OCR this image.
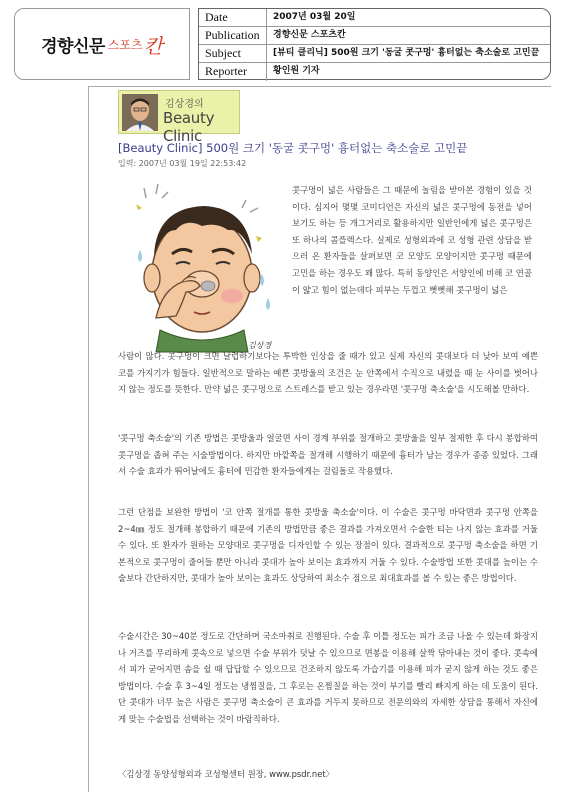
경향신문 스포츠 칸
Date	2007년 03월 20일
Publication	경향신문 스포츠칸
Subject	[뷰티 클리닉] 500원 크기 '동굴 콧구멍' 흉터없는 축소술로 고민끝
Reporter	황인원 기자
김상경의
Beauty Clinic
[Beauty Clinic] 500원 크기 '동굴 콧구멍' 흉터없는 축소술로 고민끝
입력: 2007년 03월 19일 22:53:42
김상경
콧구멍이 넓은 사람들은 그 때문에 놀림을 받아본 경험이 있을 것이다. 심지어 몇몇 코미디언은 자신의 넓은 콧구멍에 동전을 넣어보기도 하는 등 개그거리로 활용하지만 일반인에게 넓은 콧구멍은 또 하나의 콤플렉스다. 실제로 성형외과에 코 성형 관련 상담을 받으러 온 환자들을 살펴보면 코 모양도 모양이지만 콧구멍 때문에 고민을 하는 경우도 꽤 많다. 특히 동양인은 서양인에 비해 코 연골이 얇고 힘이 없는데다 피부는 두껍고 뻣뻣해 콧구멍이 넓은
사람이 많다. 콧구멍이 크면 날렵하기보다는 투박한 인상을 줄 때가 있고 실제 자신의 콧대보다 더 낮아 보여 예쁜 코를 가지기가 힘들다. 일반적으로 말하는 예쁜 콧방울의 조건은 눈 안쪽에서 수직으로 내렸을 때 눈 사이를 벗어나지 않는 정도를 뜻한다. 만약 넓은 콧구멍으로 스트레스를 받고 있는 경우라면 '콧구멍 축소술'을 시도해볼 만하다.
'콧구멍 축소술'의 기존 방법은 콧방울과 얼굴면 사이 경계 부위를 절개하고 콧방울을 일부 절제한 후 다시 봉합하여 콧구멍을 좁혀 주는 시술방법이다. 하지만 바깥쪽을 절개해 시행하기 때문에 흉터가 남는 경우가 종종 있었다. 그래서 수술 효과가 뛰어날에도 흉터에 민감한 환자들에게는 걸림돌로 작용했다.
그런 단점을 보완한 방법이 '코 안쪽 절개를 통한 콧방울 축소술'이다. 이 수술은 콧구멍 바닥면과 콧구멍 안쪽을 2~4㎜ 정도 절개해 봉합하기 때문에 기존의 방법만큼 좋은 결과를 가져오면서 수술한 티는 나지 않는 효과를 거둘 수 있다. 또 환자가 원하는 모양대로 콧구멍을 디자인할 수 있는 장점이 있다. 결과적으로 콧구멍 축소술을 하면 기본적으로 콧구멍이 줄어들 뿐만 아니라 콧대가 높아 보이는 효과까지 거둘 수 있다. 수술방법 또한 콧대를 높이는 수술보다 간단하지만, 콧대가 높아 보이는 효과도 상당하여 최소수 점으로 최대효과를 볼 수 있는 좋은 방법이다.
수술시간은 30~40분 정도로 간단하며 국소마취로 진행된다. 수술 후 이틀 정도는 피가 조금 나올 수 있는데 화장지나 거즈를 무리하게 콧속으로 넣으면 수술 부위가 덧날 수 있으므로 면봉을 이용해 살짝 닦아내는 것이 좋다. 콧속에서 피가 굳어지면 솜을 쉴 때 답답할 수 있으므로 건조하지 않도록 가습기를 이용해 피가 굳지 않게 하는 것도 좋은 방법이다. 수술 후 3~4일 정도는 냉찜질을, 그 후로는 온찜질을 하는 것이 부기를 빨리 빠지게 하는 데 도움이 된다. 단 콧대가 너무 높은 사람은 콧구멍 축소술이 큰 효과를 거두지 못하므로 전문의와의 자세한 상담을 통해서 자신에게 맞는 수술법을 선택하는 것이 바람직하다.
〈김상경 동양성형외과 코성형센터 원장, www.psdr.net〉
